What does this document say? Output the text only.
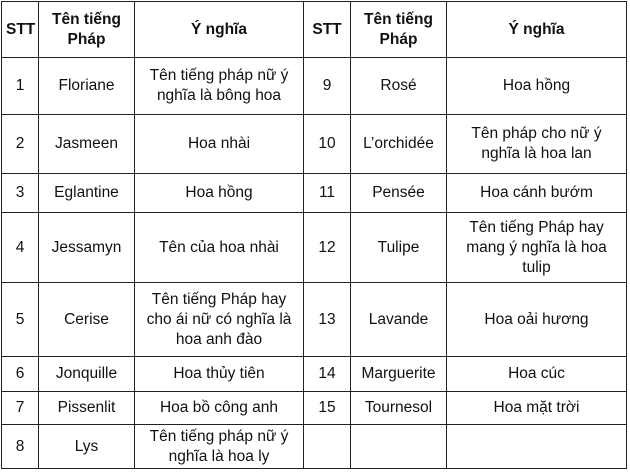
STT	Tên tiếng Pháp	Ý nghĩa	STT	Tên tiếng Pháp	Ý nghĩa
1	Floriane	Tên tiếng pháp nữ ý nghĩa là bông hoa	9	Rosé	Hoa hồng
2	Jasmeen	Hoa nhài	10	L’orchidée	Tên pháp cho nữ ý nghĩa là hoa lan
3	Eglantine	Hoa hồng	11	Pensée	Hoa cánh bướm
4	Jessamyn	Tên của hoa nhài	12	Tulipe	Tên tiếng Pháp hay mang ý nghĩa là hoa tulip
5	Cerise	Tên tiếng Pháp hay cho ái nữ có nghĩa là hoa anh đào	13	Lavande	Hoa oải hương
6	Jonquille	Hoa thủy tiên	14	Marguerite	Hoa cúc
7	Pissenlit	Hoa bồ công anh	15	Tournesol	Hoa mặt trời
8	Lys	Tên tiếng pháp nữ ý nghĩa là hoa ly			
